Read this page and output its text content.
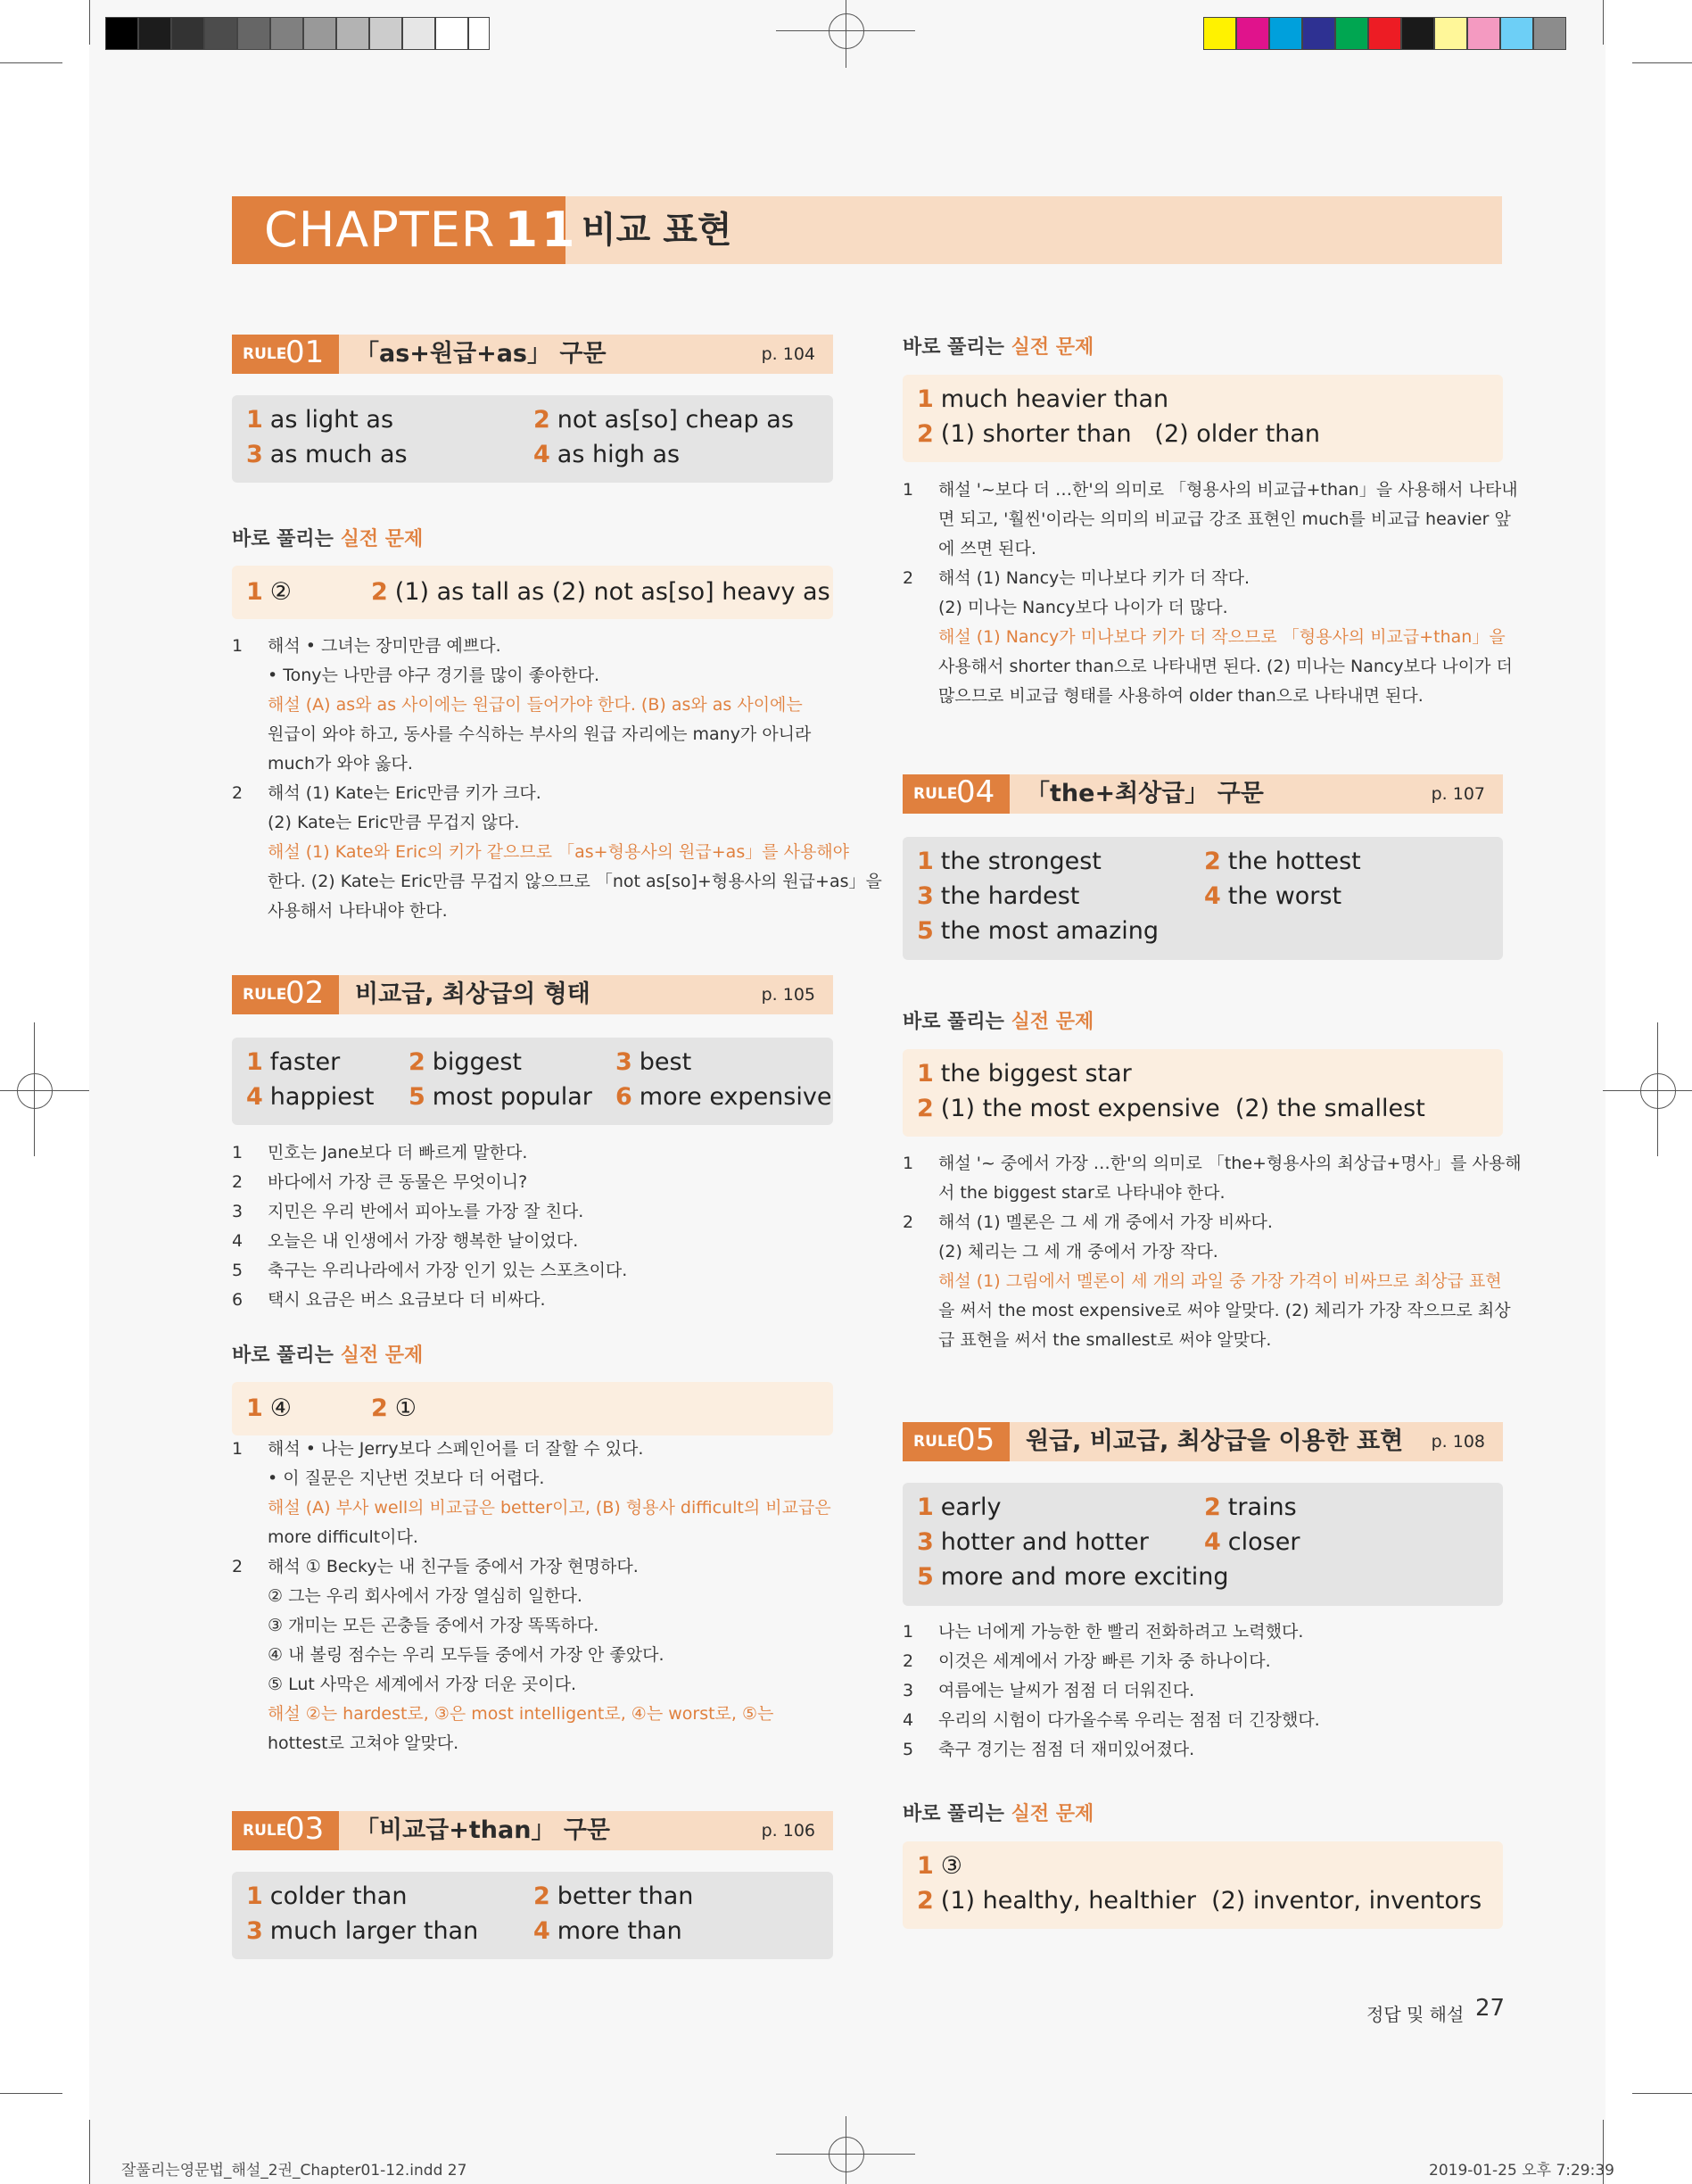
CHAPTER 11 비교 표현
RULE
01 「as+원급+as」 구문	p. 104
1 as light as	2 not as[so] cheap as
3 as much as	4 as high as
바로 풀리는 실전 문제
1 ②	2 (1) as tall as (2) not as[so] heavy as
1 해석 • 그녀는 장미만큼 예쁘다.
• Tony는 나만큼 야구 경기를 많이 좋아한다.
해설 (A) as와 as 사이에는 원급이 들어가야 한다. (B) as와 as 사이에는
원급이 와야 하고, 동사를 수식하는 부사의 원급 자리에는 many가 아니라
much가 와야 옳다.
2 해석 (1) Kate는 Eric만큼 키가 크다.
(2) Kate는 Eric만큼 무겁지 않다.
해설 (1) Kate와 Eric의 키가 같으므로 「as+형용사의 원급+as」를 사용해야
한다. (2) Kate는 Eric만큼 무겁지 않으므로 「not as[so]+형용사의 원급+as」을
사용해서 나타내야 한다.
RULE
02 비교급, 최상급의 형태	p. 105
1 faster	2 biggest	3 best
4 happiest 5 most popular 6 more expensive
1 민호는 Jane보다 더 빠르게 말한다.
2 바다에서 가장 큰 동물은 무엇이니?
3 지민은 우리 반에서 피아노를 가장 잘 친다.
4 오늘은 내 인생에서 가장 행복한 날이었다.
5 축구는 우리나라에서 가장 인기 있는 스포츠이다.
6 택시 요금은 버스 요금보다 더 비싸다.
바로 풀리는 실전 문제
1 ④	2 ①
1 해석 • 나는 Jerry보다 스페인어를 더 잘할 수 있다.
• 이 질문은 지난번 것보다 더 어렵다.
해설 (A) 부사 well의 비교급은 better이고, (B) 형용사 difficult의 비교급은
more difficult이다.
2 해석 ① Becky는 내 친구들 중에서 가장 현명하다.
② 그는 우리 회사에서 가장 열심히 일한다.
③ 개미는 모든 곤충들 중에서 가장 똑똑하다.
④ 내 볼링 점수는 우리 모두들 중에서 가장 안 좋았다.
⑤ Lut 사막은 세계에서 가장 더운 곳이다.
해설 ②는 hardest로, ③은 most intelligent로, ④는 worst로, ⑤는
hottest로 고쳐야 알맞다.
RULE
03 「비교급+than」 구문	p. 106
1 colder than	2 better than
3 much larger than 4 more than
바로 풀리는 실전 문제
1 much heavier than
2 (1) shorter than   (2) older than
1 해설 '~보다 더 …한'의 의미로 「형용사의 비교급+than」을 사용해서 나타내
면 되고, '훨씬'이라는 의미의 비교급 강조 표현인 much를 비교급 heavier 앞
에 쓰면 된다.
2 해석 (1) Nancy는 미나보다 키가 더 작다.
(2) 미나는 Nancy보다 나이가 더 많다.
해설 (1) Nancy가 미나보다 키가 더 작으므로 「형용사의 비교급+than」을
사용해서 shorter than으로 나타내면 된다. (2) 미나는 Nancy보다 나이가 더
많으므로 비교급 형태를 사용하여 older than으로 나타내면 된다.
RULE
04 「the+최상급」 구문	p. 107
1 the strongest	2 the hottest
3 the hardest	4 the worst
5 the most amazing
바로 풀리는 실전 문제
1 the biggest star
2 (1) the most expensive  (2) the smallest
1 해설 '~ 중에서 가장 …한'의 의미로 「the+형용사의 최상급+명사」를 사용해
서 the biggest star로 나타내야 한다.
2 해석 (1) 멜론은 그 세 개 중에서 가장 비싸다.
(2) 체리는 그 세 개 중에서 가장 작다.
해설 (1) 그림에서 멜론이 세 개의 과일 중 가장 가격이 비싸므로 최상급 표현
을 써서 the most expensive로 써야 알맞다. (2) 체리가 가장 작으므로 최상
급 표현을 써서 the smallest로 써야 알맞다.
RULE
05 원급, 비교급, 최상급을 이용한 표현 p. 108
1 early	2 trains
3 hotter and hotter 4 closer
5 more and more exciting
1 나는 너에게 가능한 한 빨리 전화하려고 노력했다.
2 이것은 세계에서 가장 빠른 기차 중 하나이다.
3 여름에는 날씨가 점점 더 더워진다.
4 우리의 시험이 다가올수록 우리는 점점 더 긴장했다.
5 축구 경기는 점점 더 재미있어졌다.
바로 풀리는 실전 문제
1 ③
2 (1) healthy, healthier  (2) inventor, inventors
정답 및 해설 27
잘풀리는영문법_해설_2권_Chapter01-12.indd 27	2019-01-25 오후 7:29:39
